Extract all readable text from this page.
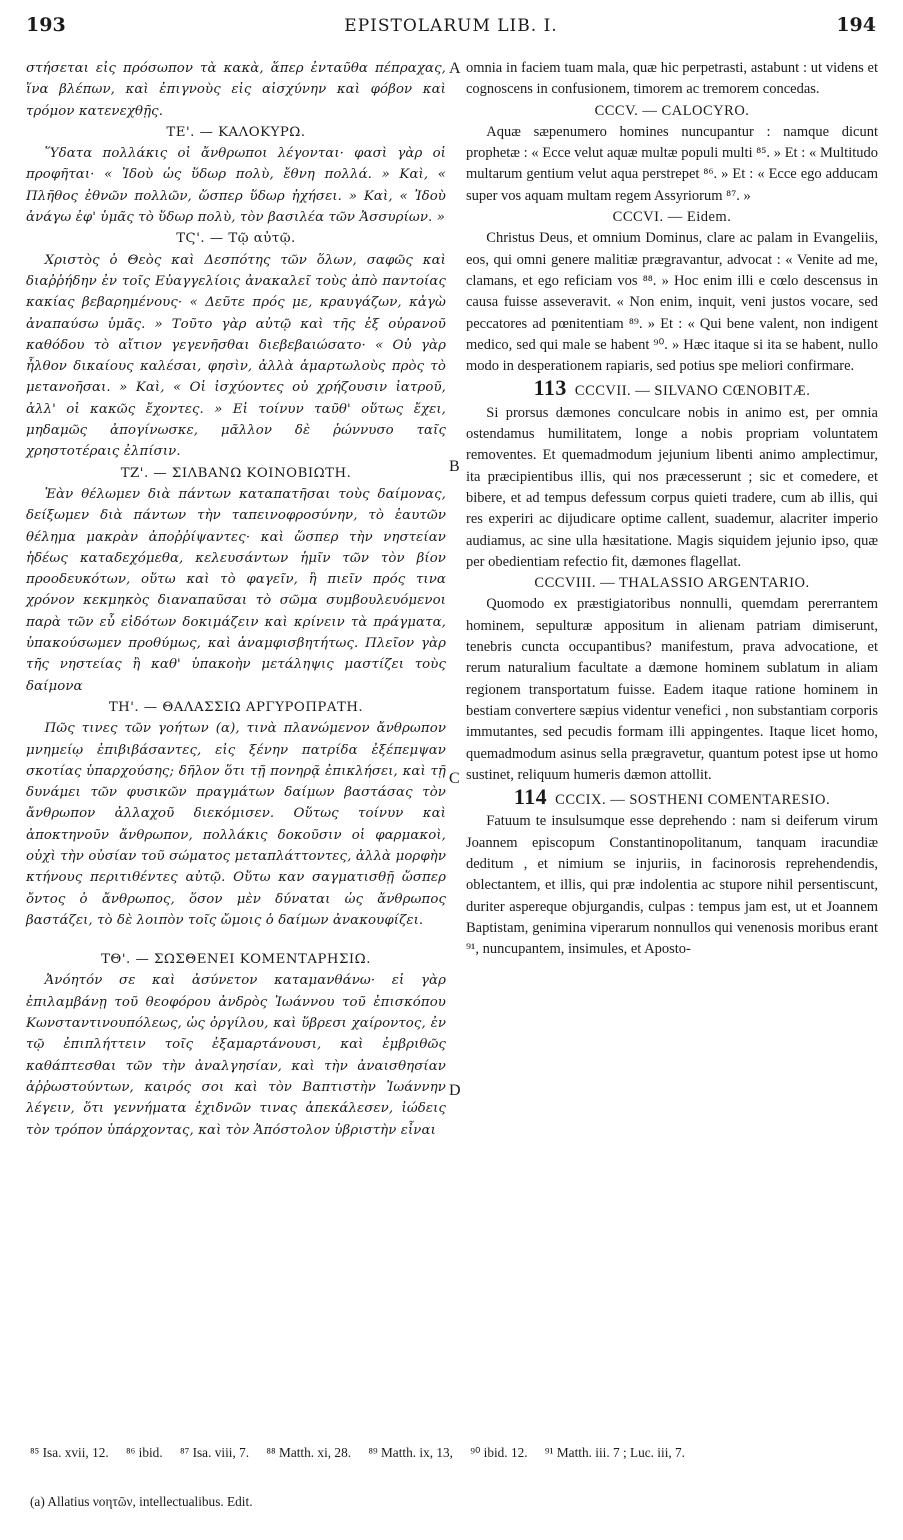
193	EPISTOLARUM LIB. I.	194
A
B
C
D

στήσεται εἰς πρόσωπον τὰ κακὰ, ἅπερ ἐνταῦθα πέπραχας, ἵνα βλέπων, καὶ ἐπιγνοὺς εἰς αἰσχύνην καὶ φόβον καὶ τρόμον κατενεχθῇς.

ΤΕ'. — ΚΑΛΟΚΥΡΩ.

Ὕδατα πολλάκις οἱ ἄνθρωποι λέγονται· φασὶ γὰρ οἱ προφῆται· « Ἰδοὺ ὡς ὕδωρ πολὺ, ἔθνη πολλά. » Καὶ, « Πλῆθος ἐθνῶν πολλῶν, ὥσπερ ὕδωρ ἠχήσει. » Καὶ, « Ἰδοὺ ἀνάγω ἐφ' ὑμᾶς τὸ ὕδωρ πολὺ, τὸν βασιλέα τῶν Ἀσσυρίων. »

ΤϚ'. — Τῷ αὐτῷ.

Χριστὸς ὁ Θεὸς καὶ Δεσπότης τῶν ὅλων, σαφῶς καὶ διαῤῥήδην ἐν τοῖς Εὐαγγελίοις ἀνακαλεῖ τοὺς ἀπὸ παντοίας κακίας βεβαρημένους· « Δεῦτε πρός με, κραυγάζων, κἀγὼ ἀναπαύσω ὑμᾶς. » Τοῦτο γὰρ αὐτῷ καὶ τῆς ἐξ οὐρανοῦ καθόδου τὸ αἴτιον γεγενῆσθαι διεβεβαιώσατο· « Οὐ γὰρ ἦλθον δικαίους καλέσαι, φησὶν, ἀλλὰ ἁμαρτωλοὺς πρὸς τὸ μετανοῆσαι. » Καὶ, « Οἱ ἰσχύοντες οὐ χρήζουσιν ἰατροῦ, ἀλλ' οἱ κακῶς ἔχοντες. » Εἰ τοίνυν ταῦθ' οὕτως ἔχει, μηδαμῶς ἀπογίνωσκε, μᾶλλον δὲ ῥώννυσο ταῖς χρηστοτέραις ἐλπίσιν.

ΤΖ'. — ΣΙΛΒΑΝΩ ΚΟΙΝΟΒΙΩΤΗ.

Ἐὰν θέλωμεν διὰ πάντων καταπατῆσαι τοὺς δαίμονας, δείξωμεν διὰ πάντων τὴν ταπεινοφροσύνην, τὸ ἑαυτῶν θέλημα μακρὰν ἀποῤῥίψαντες· καὶ ὥσπερ τὴν νηστείαν ἡδέως καταδεχόμεθα, κελευσάντων ἡμῖν τῶν τὸν βίον προοδευκότων, οὕτω καὶ τὸ φαγεῖν, ἢ πιεῖν πρός τινα χρόνον κεκμηκὸς διαναπαῦσαι τὸ σῶμα συμβουλευόμενοι παρὰ τῶν εὖ εἰδότων δοκιμάζειν καὶ κρίνειν τὰ πράγματα, ὑπακούσωμεν προθύμως, καὶ ἀναμφισβητήτως. Πλεῖον γὰρ τῆς νηστείας ἢ καθ' ὑπακοὴν μετάληψις μαστίζει τοὺς δαίμονα

ΤΗ'. — ΘΑΛΑΣΣΙΩ ΑΡΓΥΡΟΠΡΑΤΗ.

Πῶς τινες τῶν γοήτων (α), τινὰ πλανώμενον ἄνθρωπον μνημείῳ ἐπιβιβάσαντες, εἰς ξένην πατρίδα ἐξέπεμψαν σκοτίας ὑπαρχούσης; δῆλον ὅτι τῇ πονηρᾷ ἐπικλήσει, καὶ τῇ δυνάμει τῶν φυσικῶν πραγμάτων δαίμων βαστάσας τὸν ἄνθρωπον ἀλλαχοῦ διεκόμισεν. Οὕτως τοίνυν καὶ ἀποκτηνοῦν ἄνθρωπον, πολλάκις δοκοῦσιν οἱ φαρμακοὶ, οὐχὶ τὴν οὐσίαν τοῦ σώματος μεταπλάττοντες, ἀλλὰ μορφὴν κτήνους περιτιθέντες αὐτῷ. Οὕτω καν σαγματισθῇ ὥσπερ ὄντος ὁ ἄνθρωπος, ὅσον μὲν δύναται ὡς ἄνθρωπος βαστάζει, τὸ δὲ λοιπὸν τοῖς ὤμοις ὁ δαίμων ἀνακουφίζει.

ΤΘ'. — ΣΩΣΘΕΝΕΙ ΚΟΜΕΝΤΑΡΗΣΙΩ.

Ἀνόητόν σε καὶ ἀσύνετον καταμανθάνω· εἰ γὰρ ἐπιλαμβάνῃ τοῦ θεοφόρου ἀνδρὸς Ἰωάννου τοῦ ἐπισκόπου Κωνσταντινουπόλεως, ὡς ὀργίλου, καὶ ὕβρεσι χαίροντος, ἐν τῷ ἐπιπλήττειν τοῖς ἐξαμαρτάνουσι, καὶ ἐμβριθῶς καθάπτεσθαι τῶν τὴν ἀναλγησίαν, καὶ τὴν ἀναισθησίαν ἀῤῥωστούντων, καιρός σοι καὶ τὸν Βαπτιστὴν Ἰωάννην λέγειν, ὅτι γεννήματα ἐχιδνῶν τινας ἀπεκάλεσεν, ἰώδεις τὸν τρόπον ὑπάρχοντας, καὶ τὸν Ἀπόστολον ὑβριστὴν εἶναι

omnia in faciem tuam mala, quæ hic perpetrasti, astabunt : ut videns et cognoscens in confusionem, timorem ac tremorem concedas.

CCCV. — CALOCYRO.

Aquæ sæpenumero homines nuncupantur : namque dicunt prophetæ : « Ecce velut aquæ multæ populi multi ⁸⁵. » Et : « Multitudo multarum gentium velut aqua perstrepet ⁸⁶. » Et : « Ecce ego adducam super vos aquam multam regem Assyriorum ⁸⁷. »

CCCVI. — Eidem.

Christus Deus, et omnium Dominus, clare ac palam in Evangeliis, eos, qui omni genere malitiæ prægravantur, advocat : « Venite ad me, clamans, et ego reficiam vos ⁸⁸. » Hoc enim illi e cœlo descensus in causa fuisse asseveravit. « Non enim, inquit, veni justos vocare, sed peccatores ad pœnitentiam ⁸⁹. » Et : « Qui bene valent, non indigent medico, sed qui male se habent ⁹⁰. » Hæc itaque si ita se habent, nullo modo in desperationem rapiaris, sed potius spe meliori confirmare.

113 CCCVII. — SILVANO CŒNOBITÆ.

Si prorsus dæmones conculcare nobis in animo est, per omnia ostendamus humilitatem, longe a nobis propriam voluntatem removentes. Et quemadmodum jejunium libenti animo amplectimur, ita præcipientibus illis, qui nos præcesserunt ; sic et comedere, et bibere, et ad tempus defessum corpus quieti tradere, cum ab illis, qui res experiri ac dijudicare optime callent, suademur, alacriter imperio audiamus, ac sine ulla hæsitatione. Magis siquidem jejunio ipso, quæ per obedientiam refectio fit, dæmones flagellat.

CCCVIII. — THALASSIO ARGENTARIO.

Quomodo ex præstigiatoribus nonnulli, quemdam pererrantem hominem, sepulturæ appositum in alienam patriam dimiserunt, tenebris cuncta occupantibus? manifestum, prava advocatione, et rerum naturalium facultate a dæmone hominem sublatum in aliam regionem transportatum fuisse. Eadem itaque ratione hominem in bestiam convertere sæpius videntur venefici , non substantiam corporis immutantes, sed pecudis formam illi appingentes. Itaque licet homo, quemadmodum asinus sella prægravetur, quantum potest ipse ut homo sustinet, reliquum humeris dæmon attollit.

114 CCCIX. — SOSTHENI COMENTARESIO.

Fatuum te insulsumque esse deprehendo : nam si deiferum virum Joannem episcopum Constantinopolitanum, tanquam iracundiæ deditum , et nimium se injuriis, in facinorosis reprehendendis, oblectantem, et illis, qui præ indolentia ac stupore nihil persentiscunt, duriter aspereque objurgandis, culpas : tempus jam est, ut et Joannem Baptistam, genimina viperarum nonnullos qui venenosis moribus erant ⁹¹, nuncupantem, insimules, et Aposto-

⁸⁵ Isa. xvii, 12. ⁸⁶ ibid. ⁸⁷ Isa. viii, 7. ⁸⁸ Matth. xi, 28. ⁸⁹ Matth. ix, 13, ⁹⁰ ibid. 12. ⁹¹ Matth. iii. 7 ; Luc. iii, 7.
(a) Allatius νοητῶν, intellectualibus. Edit.
